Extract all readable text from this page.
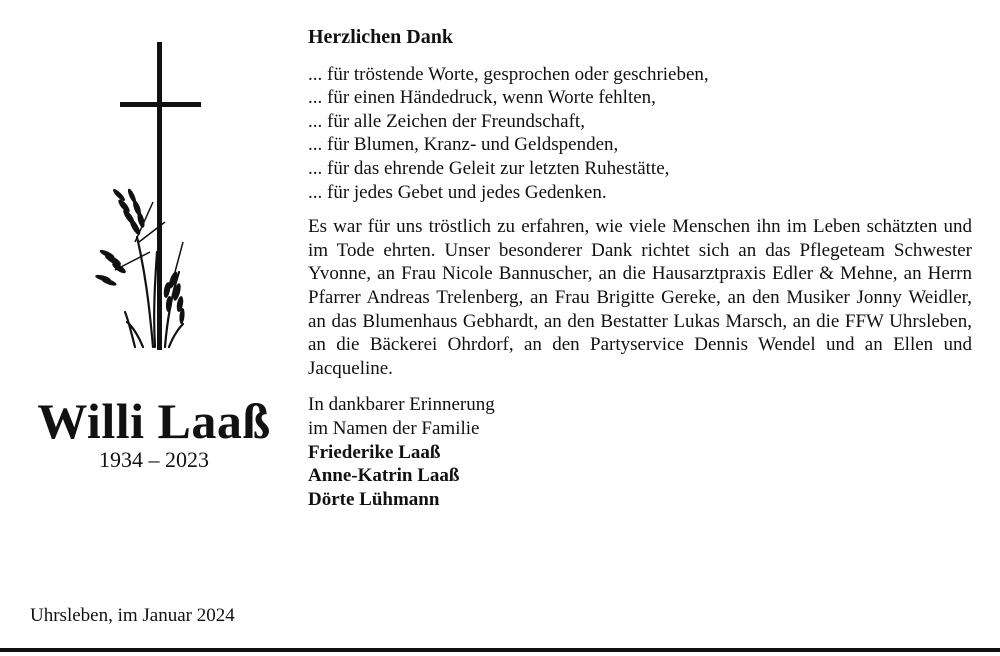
Willi Laaß
1934 – 2023
Uhrsleben, im Januar 2024
Herzlichen Dank
... für tröstende Worte, gesprochen oder geschrieben,
... für einen Händedruck, wenn Worte fehlten,
... für alle Zeichen der Freundschaft,
... für Blumen, Kranz- und Geldspenden,
... für das ehrende Geleit zur letzten Ruhestätte,
... für jedes Gebet und jedes Gedenken.
Es war für uns tröstlich zu erfahren, wie viele Menschen ihn im Leben schätzten und im Tode ehrten. Unser besonderer Dank richtet sich an das Pflegeteam Schwester Yvonne, an Frau Nicole Bannuscher, an die Hausarztpraxis Edler & Mehne, an Herrn Pfarrer Andreas Trelenberg, an Frau Brigitte Gereke, an den Musiker Jonny Weidler, an das Blumenhaus Gebhardt, an den Bestatter Lukas Marsch, an die FFW Uhrsleben, an die Bäckerei Ohrdorf, an den Partyservice Dennis Wendel und an Ellen und Jacqueline.
In dankbarer Erinnerung
im Namen der Familie
Friederike Laaß
Anne-Katrin Laaß
Dörte Lühmann
